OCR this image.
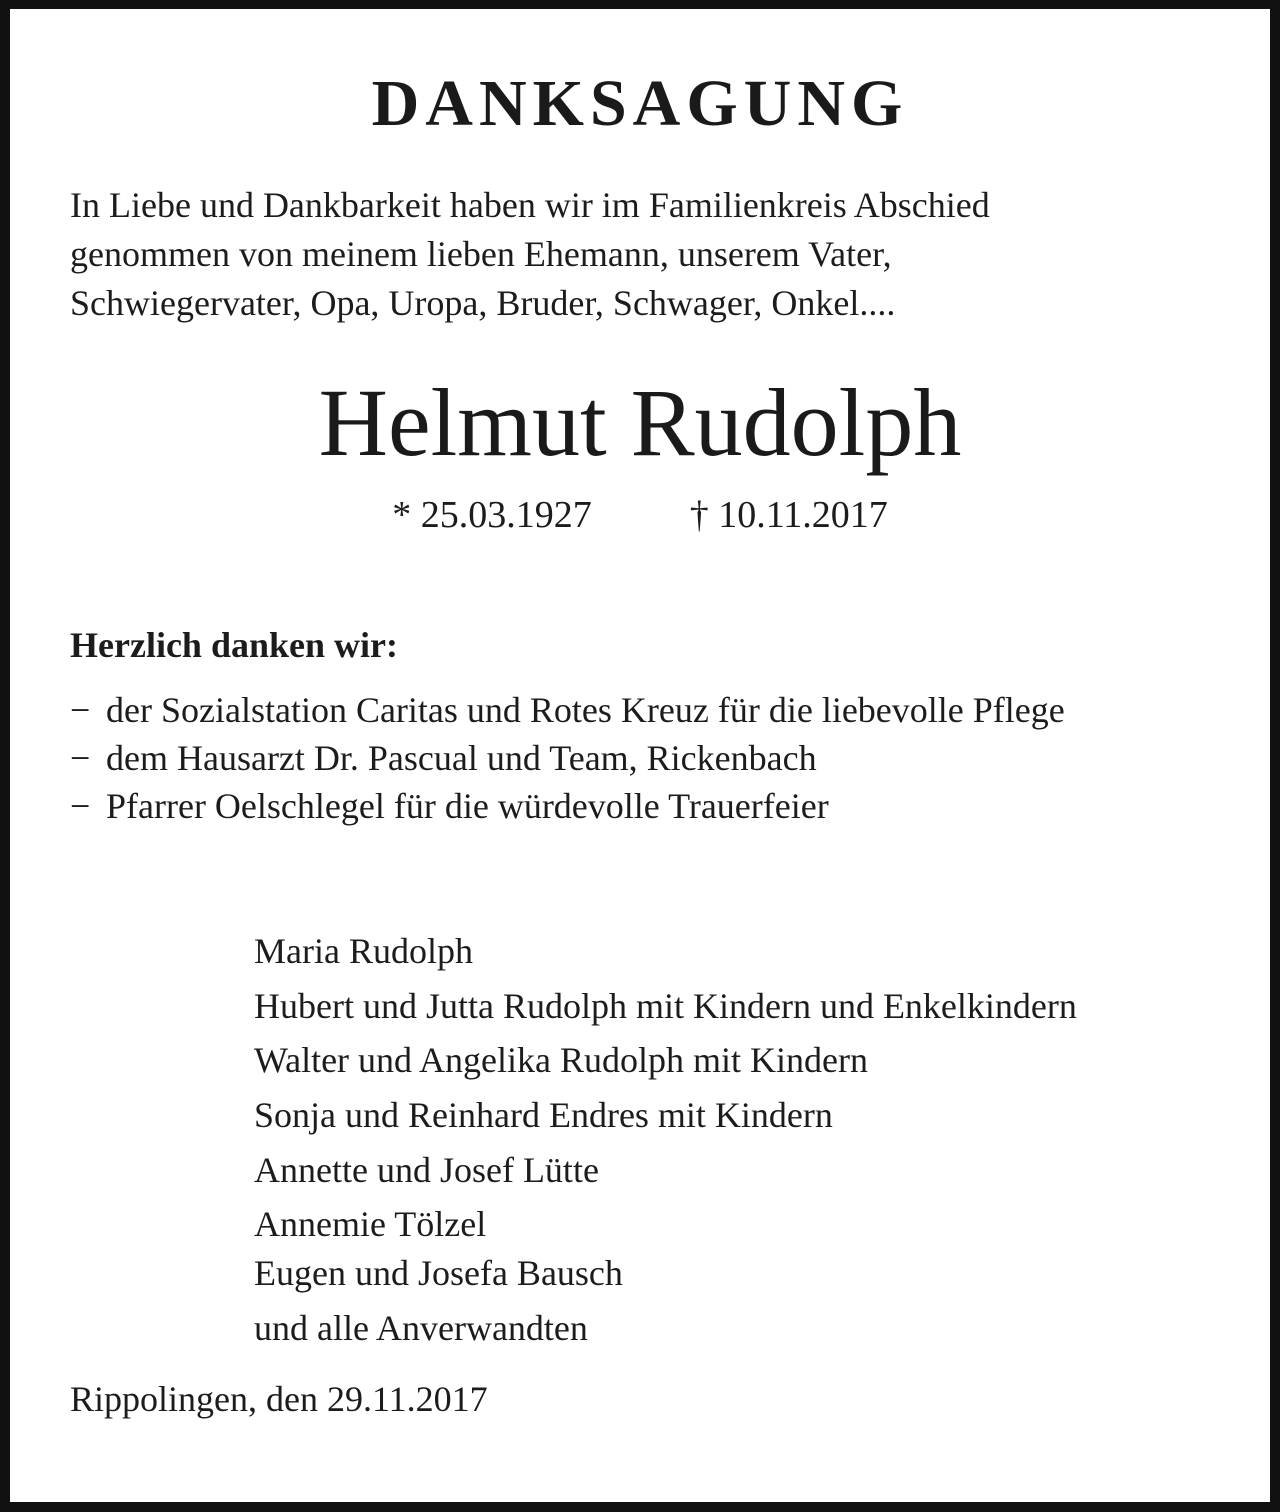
DANKSAGUNG
In Liebe und Dankbarkeit haben wir im Familienkreis Abschied
genommen von meinem lieben Ehemann, unserem Vater,
Schwiegervater, Opa, Uropa, Bruder, Schwager, Onkel....
Helmut Rudolph
* 25.03.1927	† 10.11.2017
Herzlich danken wir:
− der Sozialstation Caritas und Rotes Kreuz für die liebevolle Pflege
− dem Hausarzt Dr. Pascual und Team, Rickenbach
− Pfarrer Oelschlegel für die würdevolle Trauerfeier
Maria Rudolph
Hubert und Jutta Rudolph mit Kindern und Enkelkindern
Walter und Angelika Rudolph mit Kindern
Sonja und Reinhard Endres mit Kindern
Annette und Josef Lütte
Annemie Tölzel
Eugen und Josefa Bausch
und alle Anverwandten
Rippolingen, den 29.11.2017
